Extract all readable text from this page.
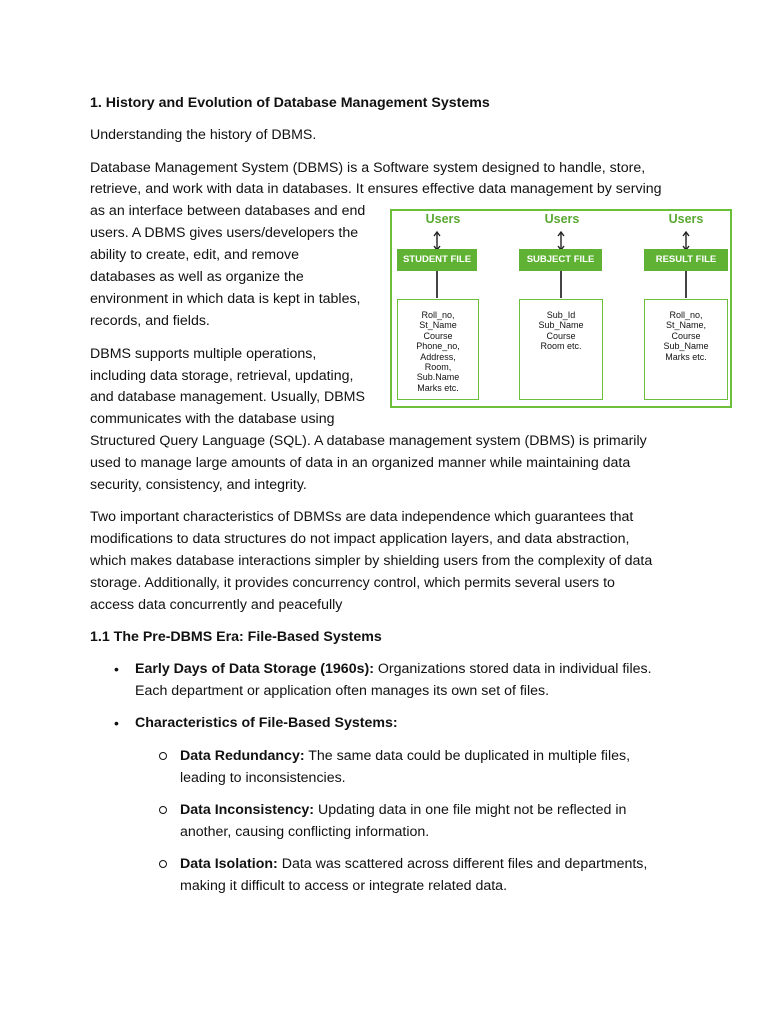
1. History and Evolution of Database Management Systems
Understanding the history of DBMS.
Database Management System (DBMS) is a Software system designed to handle, store,
retrieve, and work with data in databases. It ensures effective data management by serving
as an interface between databases and end
users. A DBMS gives users/developers the
ability to create, edit, and remove
databases as well as organize the
environment in which data is kept in tables,
records, and fields.
DBMS supports multiple operations,
including data storage, retrieval, updating,
and database management. Usually, DBMS
communicates with the database using
Structured Query Language (SQL). A database management system (DBMS) is primarily
used to manage large amounts of data in an organized manner while maintaining data
security, consistency, and integrity.
Two important characteristics of DBMSs are data independence which guarantees that
modifications to data structures do not impact application layers, and data abstraction,
which makes database interactions simpler by shielding users from the complexity of data
storage. Additionally, it provides concurrency control, which permits several users to
access data concurrently and peacefully
1.1 The Pre-DBMS Era: File-Based Systems
• Early Days of Data Storage (1960s): Organizations stored data in individual files.
Each department or application often manages its own set of files.
• Characteristics of File-Based Systems:
Data Redundancy: The same data could be duplicated in multiple files,
leading to inconsistencies.
Data Inconsistency: Updating data in one file might not be reflected in
another, causing conflicting information.
Data Isolation: Data was scattered across different files and departments,
making it difficult to access or integrate related data.
Users
STUDENT FILE
Roll_no,
St_Name
Course
Phone_no,
Address,
Room,
Sub.Name
Marks etc.
Users
SUBJECT FILE
Sub_Id
Sub_Name
Course
Room etc.
Users
RESULT FILE
Roll_no,
St_Name,
Course
Sub_Name
Marks etc.
